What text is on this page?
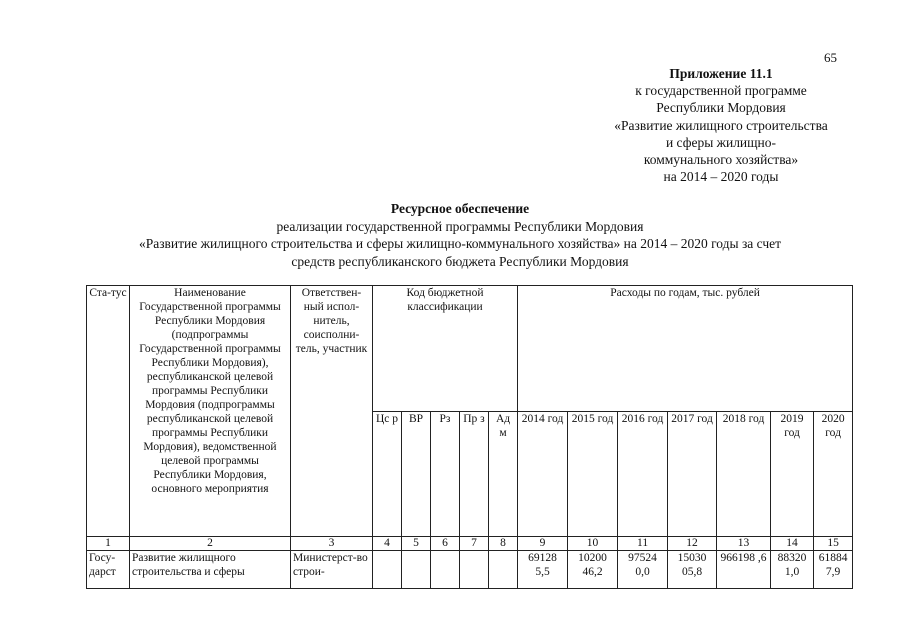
65
Приложение 11.1
к государственной программе
Республики Мордовия
«Развитие жилищного строительства
и сферы жилищно-
коммунального хозяйства»
на 2014 – 2020 годы
Ресурсное обеспечение
реализации государственной программы Республики Мордовия
«Развитие жилищного строительства и сферы жилищно-коммунального хозяйства» на 2014 – 2020 годы за счет
средств республиканского бюджета Республики Мордовия
Ста-тус	Наименование Государственной программы Республики Мордовия (подпрограммы Государственной программы Республики Мордовия), республиканской целевой программы Республики Мордовия (подпрограммы республиканской целевой программы Республики Мордовия), ведомственной целевой программы Республики Мордовия, основного мероприятия	Ответствен-ный испол-нитель, соисполни-тель, участник	Код бюджетной классификации					Расходы по годам, тыс. рублей						
			Цс р	ВР	Рз	Пр з	Ад м	2014 год	2015 год	2016 год	2017 год	2018 год	2019 год	2020 год
1	2	3	4	5	6	7	8	9	10	11	12	13	14	15
Госу-дарст	Развитие жилищного строительства и сферы	Министерст-во строи-						69128 5,5	10200 46,2	97524 0,0	15030 05,8	966198 ,6	88320 1,0	61884 7,9
